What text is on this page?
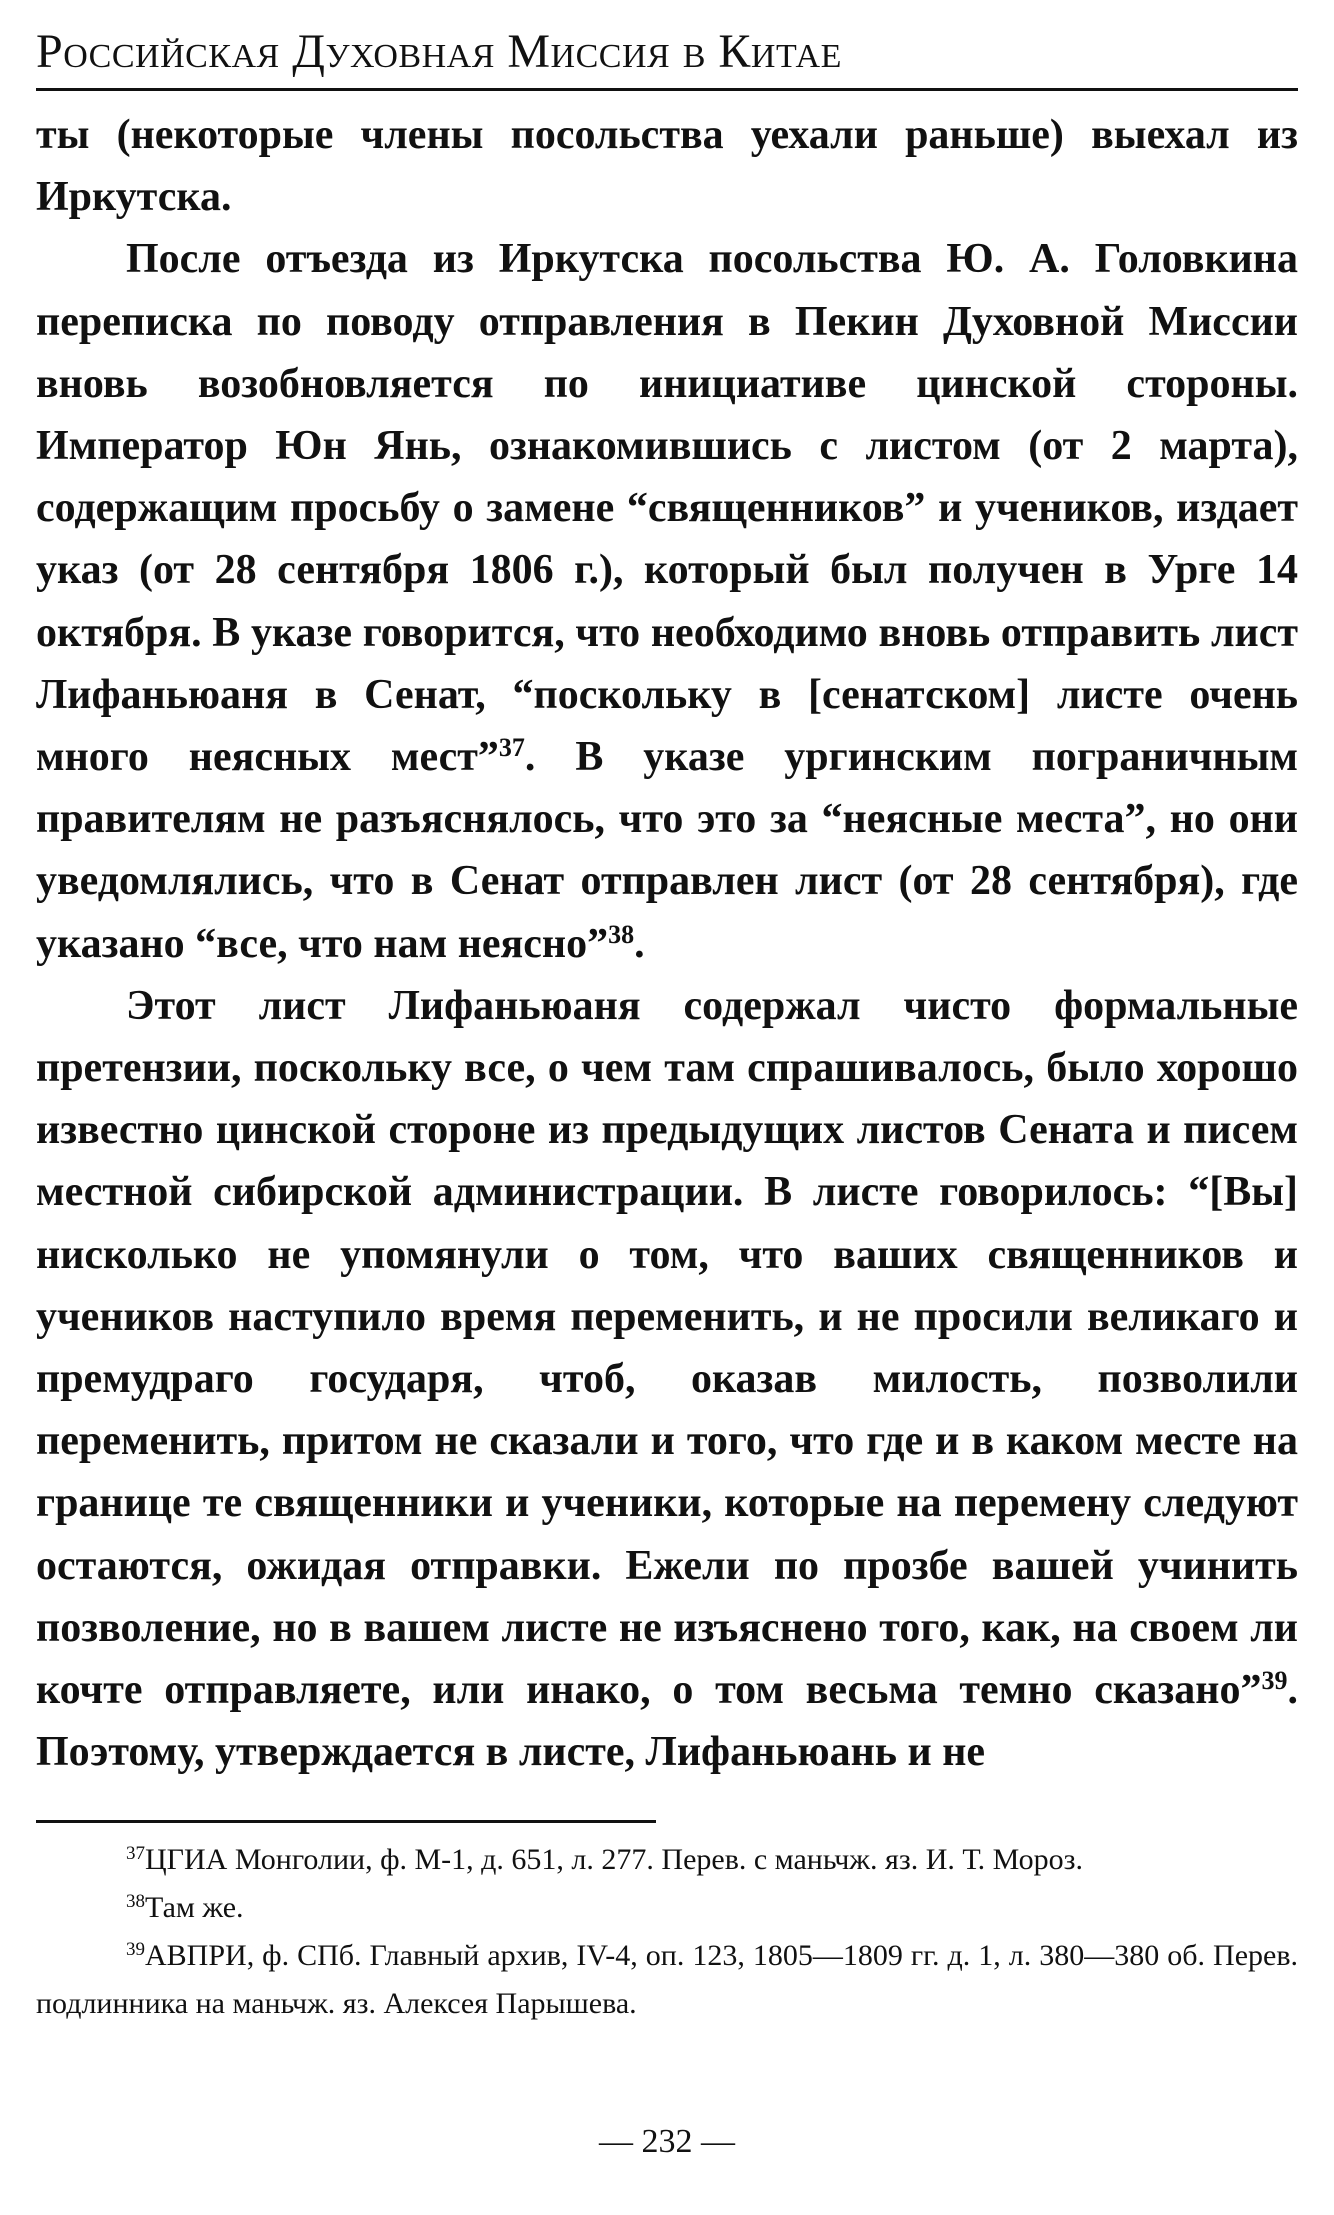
Российская Духовная Миссия в Китае

ты (некоторые члены посольства уехали раньше) выехал из Иркутска.

После отъезда из Иркутска посольства Ю. А. Головкина переписка по поводу отправления в Пекин Духовной Миссии вновь возобновляется по инициативе цинской стороны. Император Юн Янь, ознакомившись с листом (от 2 марта), содержащим просьбу о замене “священников” и учеников, издает указ (от 28 сентября 1806 г.), который был получен в Урге 14 октября. В указе говорится, что необходимо вновь отправить лист Лифаньюаня в Сенат, “поскольку в [сенатском] листе очень много неясных мест”$^{37}$. В указе ургинским пограничным правителям не разъяснялось, что это за “неясные места”, но они уведомлялись, что в Сенат отправлен лист (от 28 сентября), где указано “все, что нам неясно”$^{38}$.

Этот лист Лифаньюаня содержал чисто формальные претензии, поскольку все, о чем там спрашивалось, было хорошо известно цинской стороне из предыдущих листов Сената и писем местной сибирской администрации. В листе говорилось: “[Вы] нисколько не упомянули о том, что ваших священников и учеников наступило время переменить, и не просили великаго и премудраго государя, чтоб, оказав милость, позволили переменить, притом не сказали и того, что где и в каком месте на границе те священники и ученики, которые на перемену следуют остаются, ожидая отправки. Ежели по прозбе вашей учинить позволение, но в вашем листе не изъяснено того, как, на своем ли кочте отправляете, или инако, о том весьма темно сказано”$^{39}$. Поэтому, утверждается в листе, Лифаньюань и не

$^{37}$ЦГИА Монголии, ф. М-1, д. 651, л. 277. Перев. с маньчж. яз. И. Т. Мороз.

$^{38}$Там же.

$^{39}$АВПРИ, ф. СПб. Главный архив, IV-4, оп. 123, 1805—1809 гг. д. 1, л. 380—380 об. Перев. подлинника на маньчж. яз. Алексея Парышева.

— 232 —
